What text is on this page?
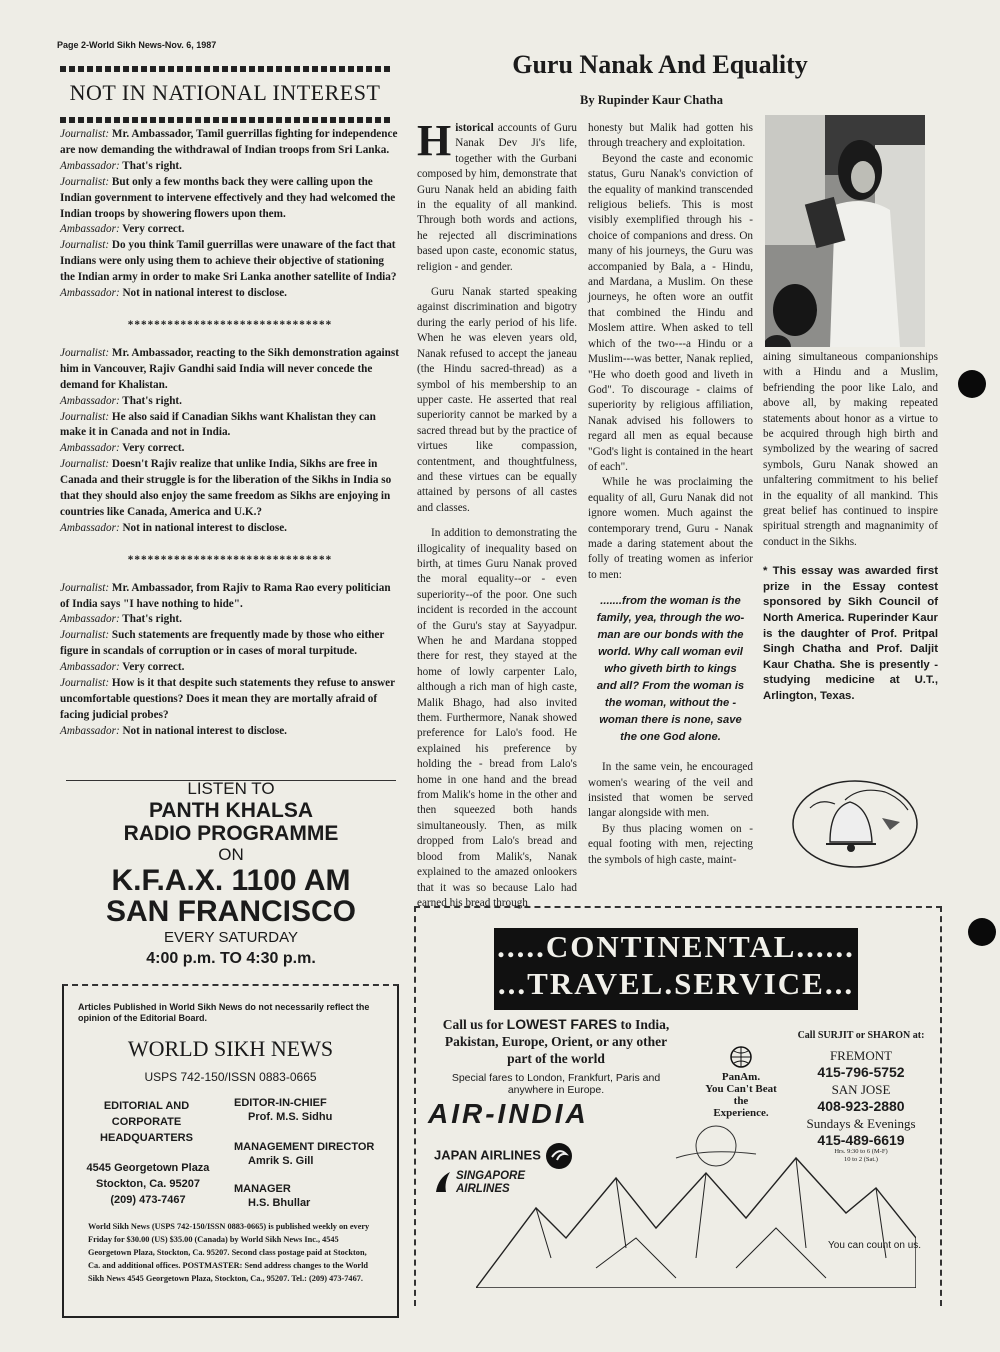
Page 2-World Sikh News-Nov. 6, 1987
NOT IN NATIONAL INTEREST

Journalist: Mr. Ambassador, Tamil guerrillas fighting for independence are now demanding the withdrawal of Indian troops from Sri Lanka.

Ambassador: That's right.

Journalist: But only a few months back they were calling upon the Indian government to intervene effectively and they had welcomed the Indian troops by showering flowers upon them.

Ambassador: Very correct.

Journalist: Do you think Tamil guerrillas were unaware of the fact that Indians were only using them to achieve their objective of stationing the Indian army in order to make Sri Lanka another satellite of India?

Ambassador: Not in national interest to disclose.

*******************************

Journalist: Mr. Ambassador, reacting to the Sikh demonstration against him in Vancouver, Rajiv Gandhi said India will never concede the demand for Khalistan.

Ambassador: That's right.

Journalist: He also said if Canadian Sikhs want Khalistan they can make it in Canada and not in India.

Ambassador: Very correct.

Journalist: Doesn't Rajiv realize that unlike India, Sikhs are free in Canada and their struggle is for the liberation of the Sikhs in India so that they should also enjoy the same freedom as Sikhs are enjoying in countries like Canada, America and U.K.?

Ambassador: Not in national interest to disclose.

*******************************

Journalist: Mr. Ambassador, from Rajiv to Rama Rao every politician of India says "I have nothing to hide".

Ambassador: That's right.

Journalist: Such statements are frequently made by those who either figure in scandals of corruption or in cases of moral turpitude.

Ambassador: Very correct.

Journalist: How is it that despite such statements they refuse to answer uncomfortable questions? Does it mean they are mortally afraid of facing judicial probes?

Ambassador: Not in national interest to disclose.

LISTEN TO
PANTH KHALSA
RADIO PROGRAMME
ON
K.F.A.X. 1100 AM
SAN FRANCISCO
EVERY SATURDAY
4:00 p.m. TO 4:30 p.m.
Articles Published in World Sikh News do not necessarily reflect the opinion of the Editorial Board.
WORLD SIKH NEWS
USPS 742-150/ISSN 0883-0665
EDITORIAL AND
CORPORATE
HEADQUARTERS
4545 Georgetown Plaza
Stockton, Ca. 95207
(209) 473-7467
EDITOR-IN-CHIEF
Prof. M.S. Sidhu
MANAGEMENT DIRECTOR
Amrik S. Gill
MANAGER
H.S. Bhullar
World Sikh News (USPS 742-150/ISSN 0883-0665) is published weekly on every Friday for $30.00 (US) $35.00 (Canada) by World Sikh News Inc., 4545 Georgetown Plaza, Stockton, Ca. 95207. Second class postage paid at Stockton, Ca. and additional offices. POSTMASTER: Send address changes to the World Sikh News 4545 Georgetown Plaza, Stockton, Ca., 95207. Tel.: (209) 473-7467.
Guru Nanak And Equality
By Rupinder Kaur Chatha

Historical accounts of Guru Nanak Dev Ji's life, together with the Gurbani composed by him, demonstrate that Guru Nanak held an abiding faith in the equality of all mankind. Through both words and actions, he rejected all discriminations based upon caste, economic status, religion - and gender.

Guru Nanak started speaking against discrimination and bigotry during the early period of his life. When he was eleven years old, Nanak refused to accept the janeau (the Hindu sacred-thread) as a symbol of his membership to an upper caste. He asserted that real superiority cannot be marked by a sacred thread but by the practice of virtues like compassion, contentment, and thoughtfulness, and these virtues can be equally attained by persons of all castes and classes.

In addition to demonstrating the illogicality of inequality based on birth, at times Guru Nanak proved the moral equality--or - even superiority--of the poor. One such incident is recorded in the account of the Guru's stay at Sayyadpur. When he and Mardana stopped there for rest, they stayed at the home of lowly carpenter Lalo, although a rich man of high caste, Malik Bhago, had also invited them. Furthermore, Nanak showed preference for Lalo's food. He explained his preference by holding the - bread from Lalo's home in one hand and the bread from Malik's home in the other and then squeezed both hands simultaneously. Then, as milk dropped from Lalo's bread and blood from Malik's, Nanak explained to the amazed onlookers that it was so because Lalo had earned his bread through

honesty but Malik had gotten his through treachery and exploitation.

Beyond the caste and economic status, Guru Nanak's conviction of the equality of mankind transcended religious beliefs. This is most visibly exemplified through his - choice of companions and dress. On many of his journeys, the Guru was accompanied by Bala, a - Hindu, and Mardana, a Muslim. On these journeys, he often wore an outfit that combined the Hindu and Moslem attire. When asked to tell which of the two---a Hindu or a Muslim---was better, Nanak replied, "He who doeth good and liveth in God". To discourage - claims of superiority by religious affiliation, Nanak advised his followers to regard all men as equal because "God's light is contained in the heart of each".

While he was proclaiming the equality of all, Guru Nanak did not ignore women. Much against the contemporary trend, Guru - Nanak made a daring statement about the folly of treating women as inferior to men:

.......from the woman is the
family, yea, through the wo-
man are our bonds with the
world. Why call woman evil
who giveth birth to kings
and all? From the woman is
the woman, without the -
woman there is none, save
the one God alone.

In the same vein, he encouraged women's wearing of the veil and insisted that women be served langar alongside with men.

By thus placing women on - equal footing with men, rejecting the symbols of high caste, maint-

aining simultaneous companionships with a Hindu and a Muslim, befriending the poor like Lalo, and above all, by making repeated statements about honor as a virtue to be acquired through high birth and symbolized by the wearing of sacred symbols, Guru Nanak showed an unfaltering commitment to his belief in the equality of all mankind. This great belief has continued to inspire spiritual strength and magnanimity of conduct in the Sikhs.

* This essay was awarded first prize in the Essay contest sponsored by Sikh Council of North America. Ruperinder Kaur is the daughter of Prof. Pritpal Singh Chatha and Prof. Daljit Kaur Chatha. She is presently - studying medicine at U.T., Arlington, Texas.
.....CONTINENTAL......
...TRAVEL.SERVICE...
Call us for LOWEST FARES to India, Pakistan, Europe, Orient, or any other part of the world
Special fares to London, Frankfurt, Paris and anywhere in Europe.
AIR-INDIA
JAPAN AIRLINES
SINGAPORE
AIRLINES
PanAm.
You Can't Beat
the
Experience.
Call SURJIT or SHARON at:
FREMONT
415-796-5752
SAN JOSE
408-923-2880
Sundays & Evenings
415-489-6619
Hrs. 9:30 to 6 (M-F)
10 to 2 (Sat.)
You can count on us.
